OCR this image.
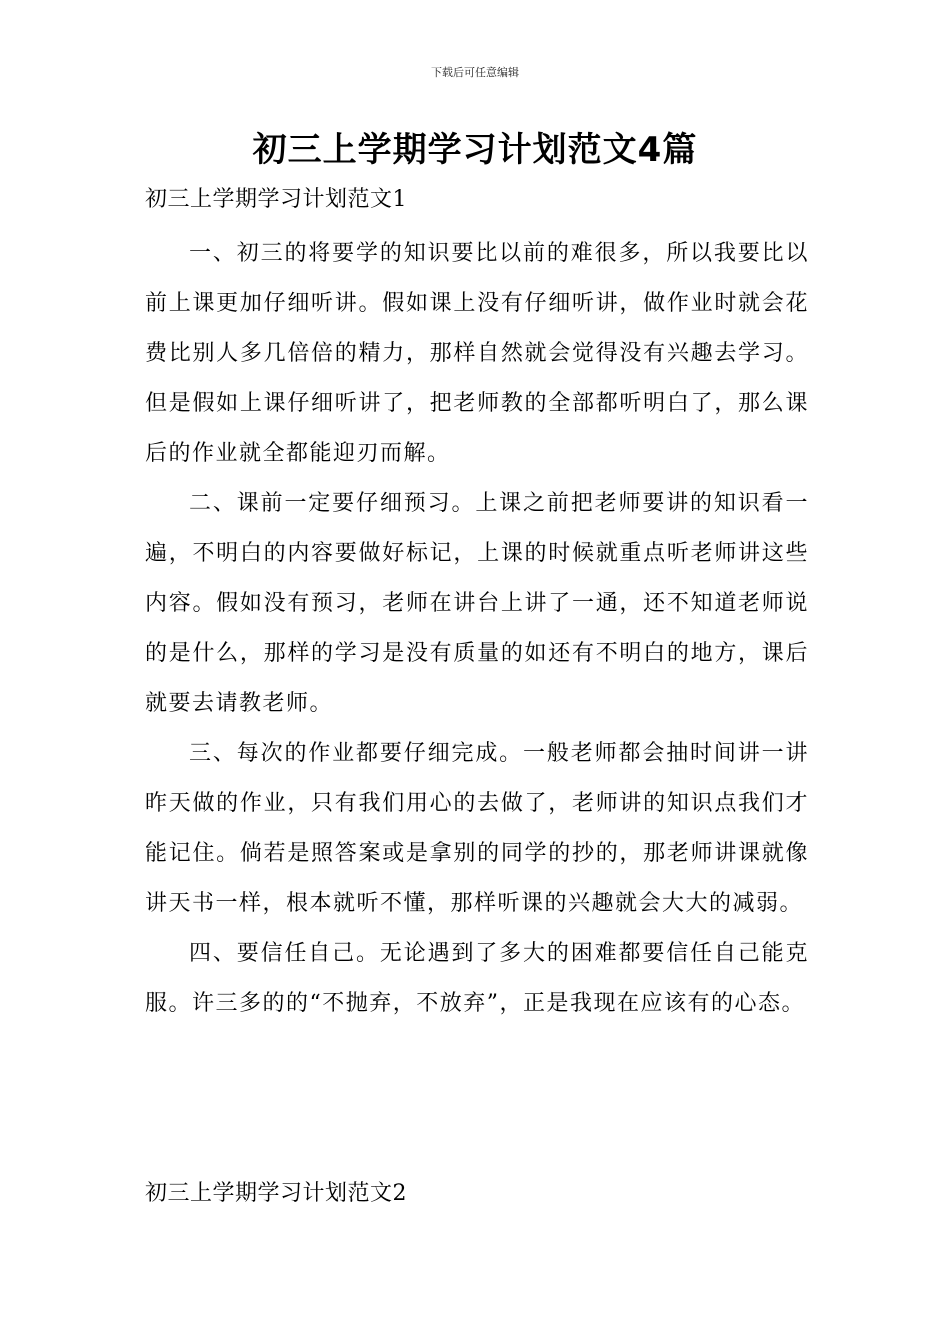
下载后可任意编辑
初三上学期学习计划范文4篇
初三上学期学习计划范文1

一、初三的将要学的知识要比以前的难很多，所以我要比以前上课更加仔细听讲。假如课上没有仔细听讲，做作业时就会花费比别人多几倍倍的精力，那样自然就会觉得没有兴趣去学习。但是假如上课仔细听讲了，把老师教的全部都听明白了，那么课后的作业就全都能迎刃而解。

二、课前一定要仔细预习。上课之前把老师要讲的知识看一遍，不明白的内容要做好标记，上课的时候就重点听老师讲这些内容。假如没有预习，老师在讲台上讲了一通，还不知道老师说的是什么，那样的学习是没有质量的如还有不明白的地方，课后就要去请教老师。

三、每次的作业都要仔细完成。一般老师都会抽时间讲一讲昨天做的作业，只有我们用心的去做了，老师讲的知识点我们才能记住。倘若是照答案或是拿别的同学的抄的，那老师讲课就像讲天书一样，根本就听不懂，那样听课的兴趣就会大大的减弱。

四、要信任自己。无论遇到了多大的困难都要信任自己能克服。许三多的的“不抛弃，不放弃”，正是我现在应该有的心态。

初三上学期学习计划范文2
